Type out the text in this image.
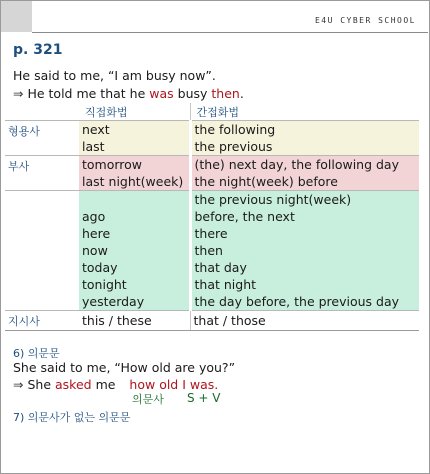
E4U CYBER SCHOOL
p. 321
He said to me, “I am busy now”.
⇒ He told me that he was busy then.
	직접화법	간접화법
형용사	next	the following
	last	the previous
부사	tomorrow	(the) next day, the following day
	last night(week)	the night(week) before
		the previous night(week)
	ago	before, the next
	here	there
	now	then
	today	that day
	tonight	that night
	yesterday	the day before, the previous day
지시사	this / these	that / those
6) 의문문
She said to me, “How old are you?”
⇒ She asked me how old I was.
의문사 S + V
7) 의문사가 없는 의문문
